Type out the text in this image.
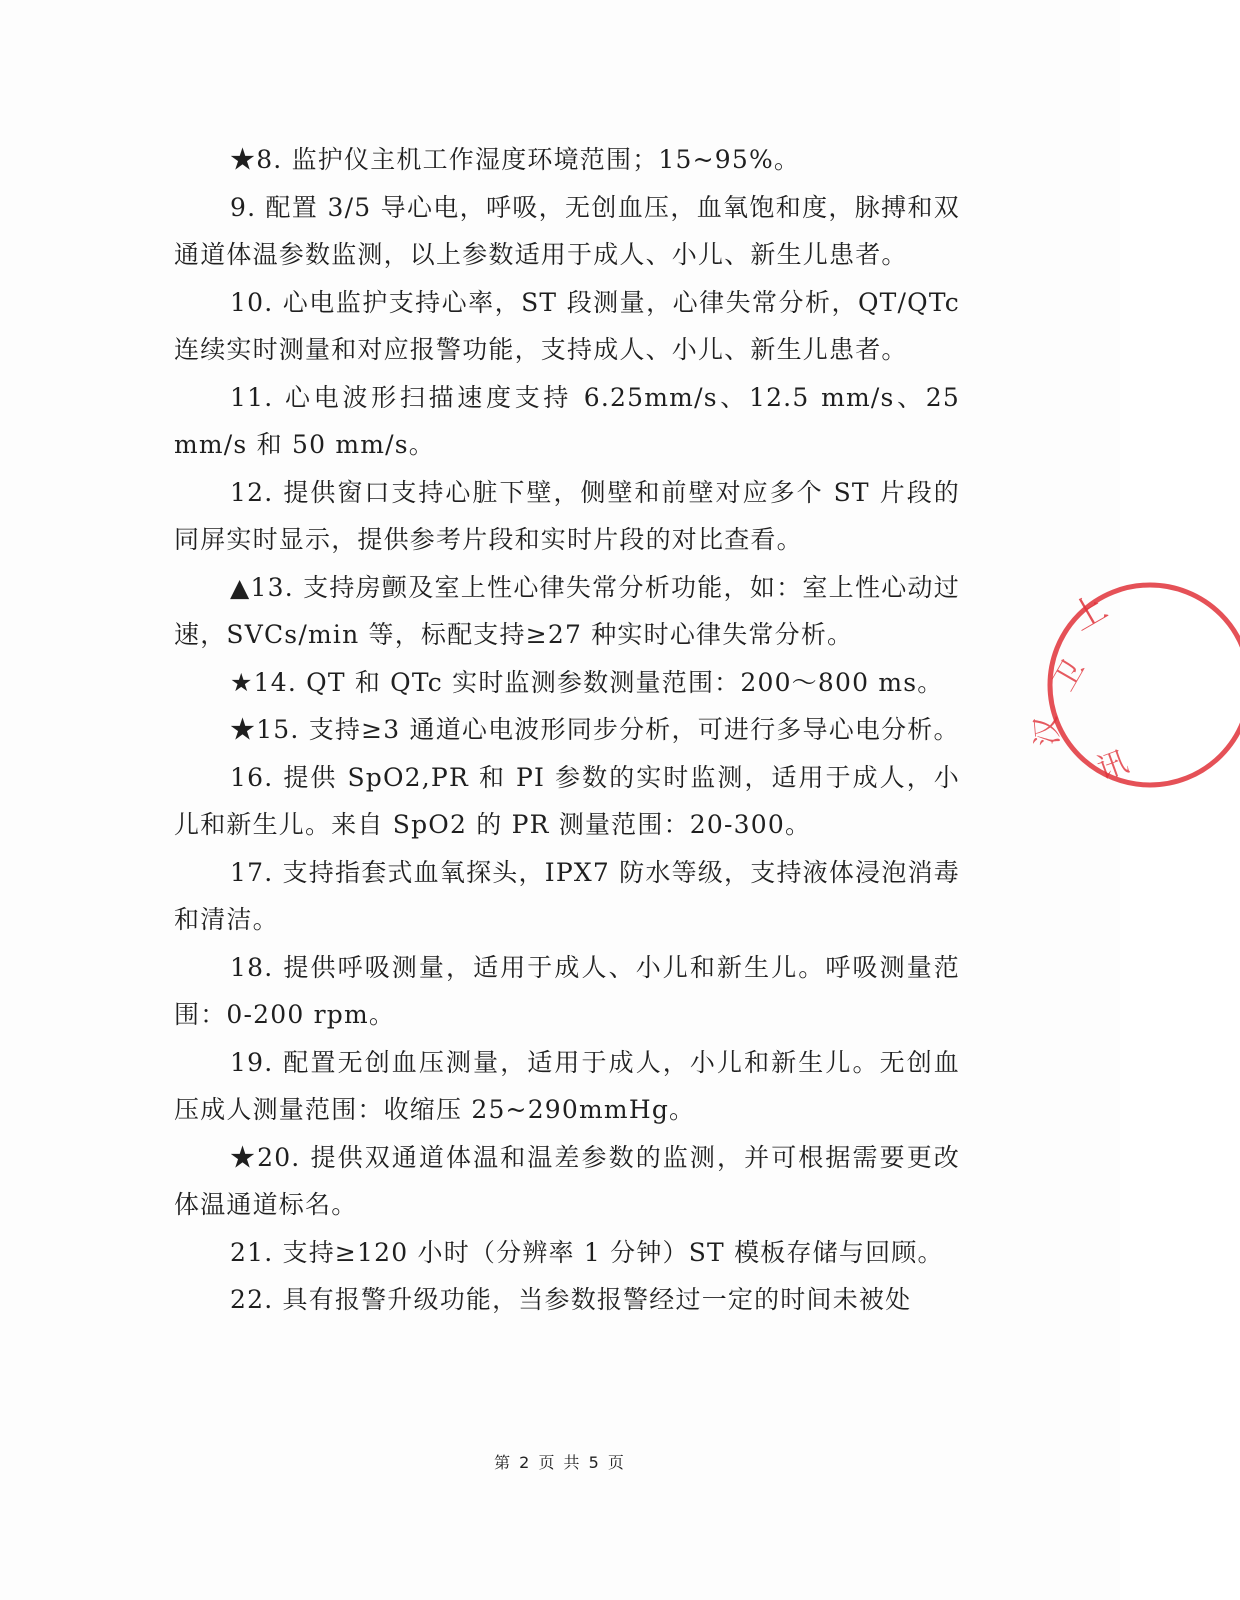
★8. 监护仪主机工作湿度环境范围；15~95%。

9. 配置 3/5 导心电，呼吸，无创血压，血氧饱和度，脉搏和双通道体温参数监测，以上参数适用于成人、小儿、新生儿患者。

10. 心电监护支持心率，ST 段测量，心律失常分析，QT/QTc 连续实时测量和对应报警功能，支持成人、小儿、新生儿患者。

11. 心电波形扫描速度支持 6.25mm/s、12.5 mm/s、25 mm/s 和 50 mm/s。

12. 提供窗口支持心脏下壁，侧壁和前壁对应多个 ST 片段的同屏实时显示，提供参考片段和实时片段的对比查看。

▲13. 支持房颤及室上性心律失常分析功能，如：室上性心动过速，SVCs/min 等，标配支持≥27 种实时心律失常分析。

★14. QT 和 QTc 实时监测参数测量范围：200～800 ms。

★15. 支持≥3 通道心电波形同步分析，可进行多导心电分析。

16. 提供 SpO2,PR 和 PI 参数的实时监测，适用于成人，小儿和新生儿。来自 SpO2 的 PR 测量范围：20-300。

17. 支持指套式血氧探头，IPX7 防水等级，支持液体浸泡消毒和清洁。

18. 提供呼吸测量，适用于成人、小儿和新生儿。呼吸测量范围：0-200 rpm。

19. 配置无创血压测量，适用于成人，小儿和新生儿。无创血压成人测量范围：收缩压 25~290mmHg。

★20. 提供双通道体温和温差参数的监测，并可根据需要更改体温通道标名。

21. 支持≥120 小时（分辨率 1 分钟）ST 模板存储与回顾。

22. 具有报警升级功能，当参数报警经过一定的时间未被处

上
卫
汉
讯
第 2 页 共 5 页
